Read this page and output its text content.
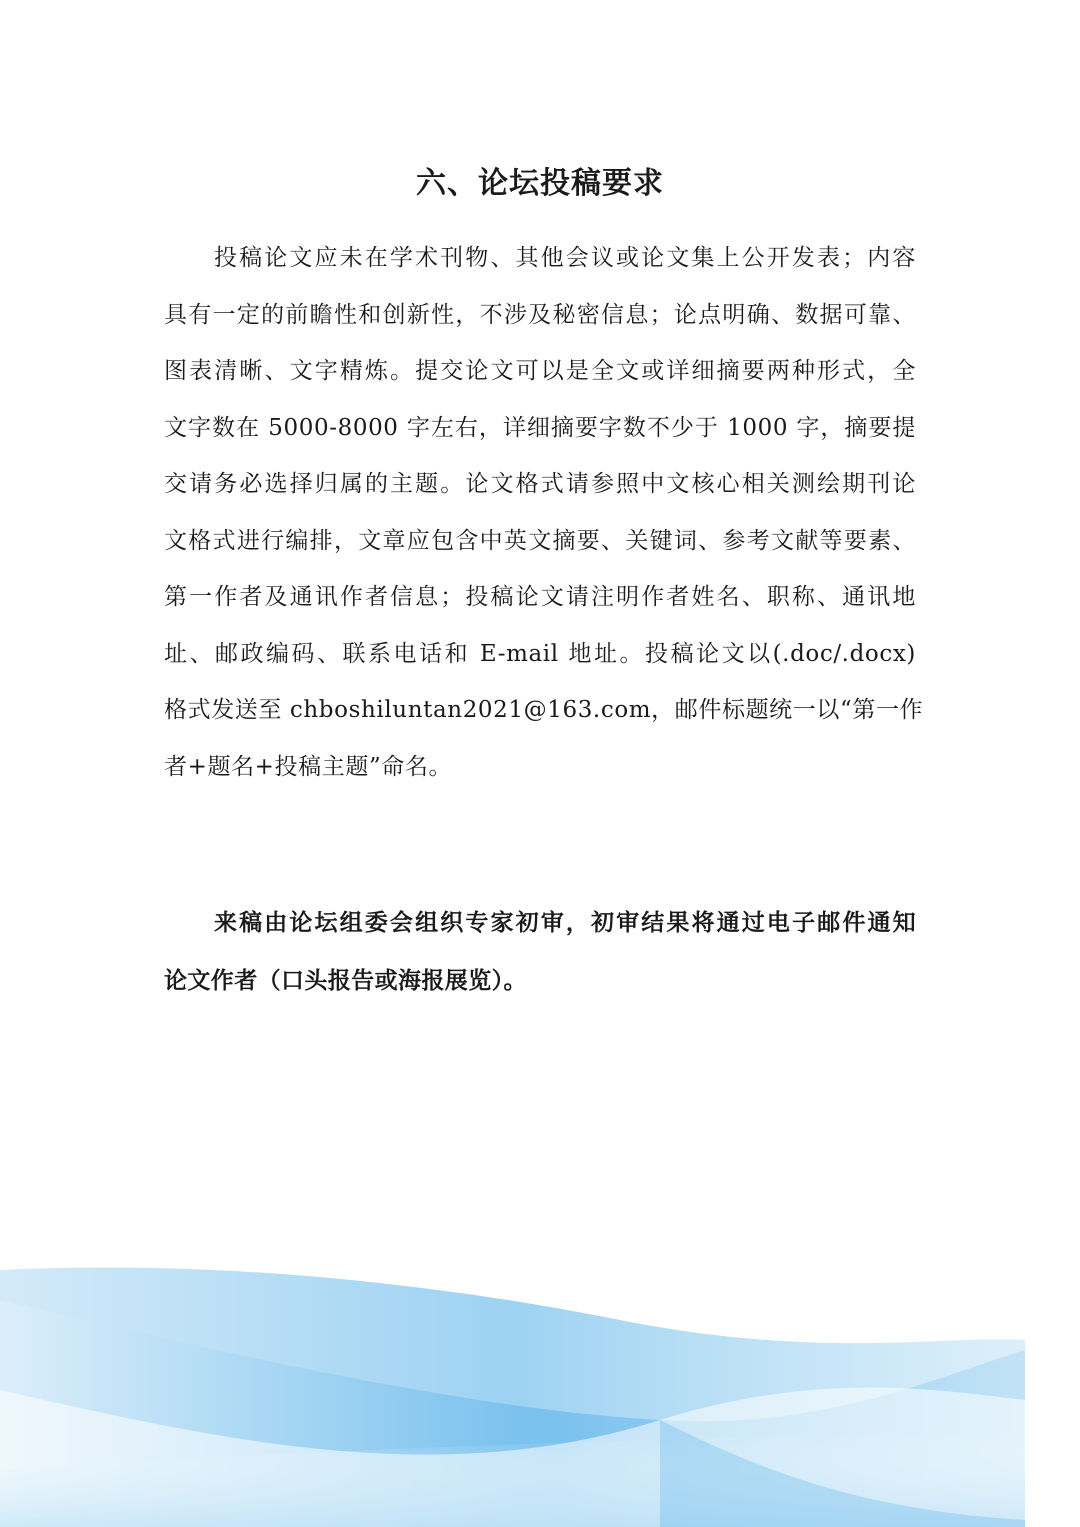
六、论坛投稿要求
投稿论文应未在学术刊物、其他会议或论文集上公开发表；内容
具有一定的前瞻性和创新性，不涉及秘密信息；论点明确、数据可靠、
图表清晰、文字精炼。提交论文可以是全文或详细摘要两种形式，全
文字数在 5000-8000 字左右，详细摘要字数不少于 1000 字，摘要提
交请务必选择归属的主题。论文格式请参照中文核心相关测绘期刊论
文格式进行编排，文章应包含中英文摘要、关键词、参考文献等要素、
第一作者及通讯作者信息；投稿论文请注明作者姓名、职称、通讯地
址、邮政编码、联系电话和 E-mail 地址。投稿论文以(.doc/.docx)
格式发送至 chboshiluntan2021@163.com，邮件标题统一以“第一作
者+题名+投稿主题”命名。
来稿由论坛组委会组织专家初审，初审结果将通过电子邮件通知
论文作者（口头报告或海报展览）。
